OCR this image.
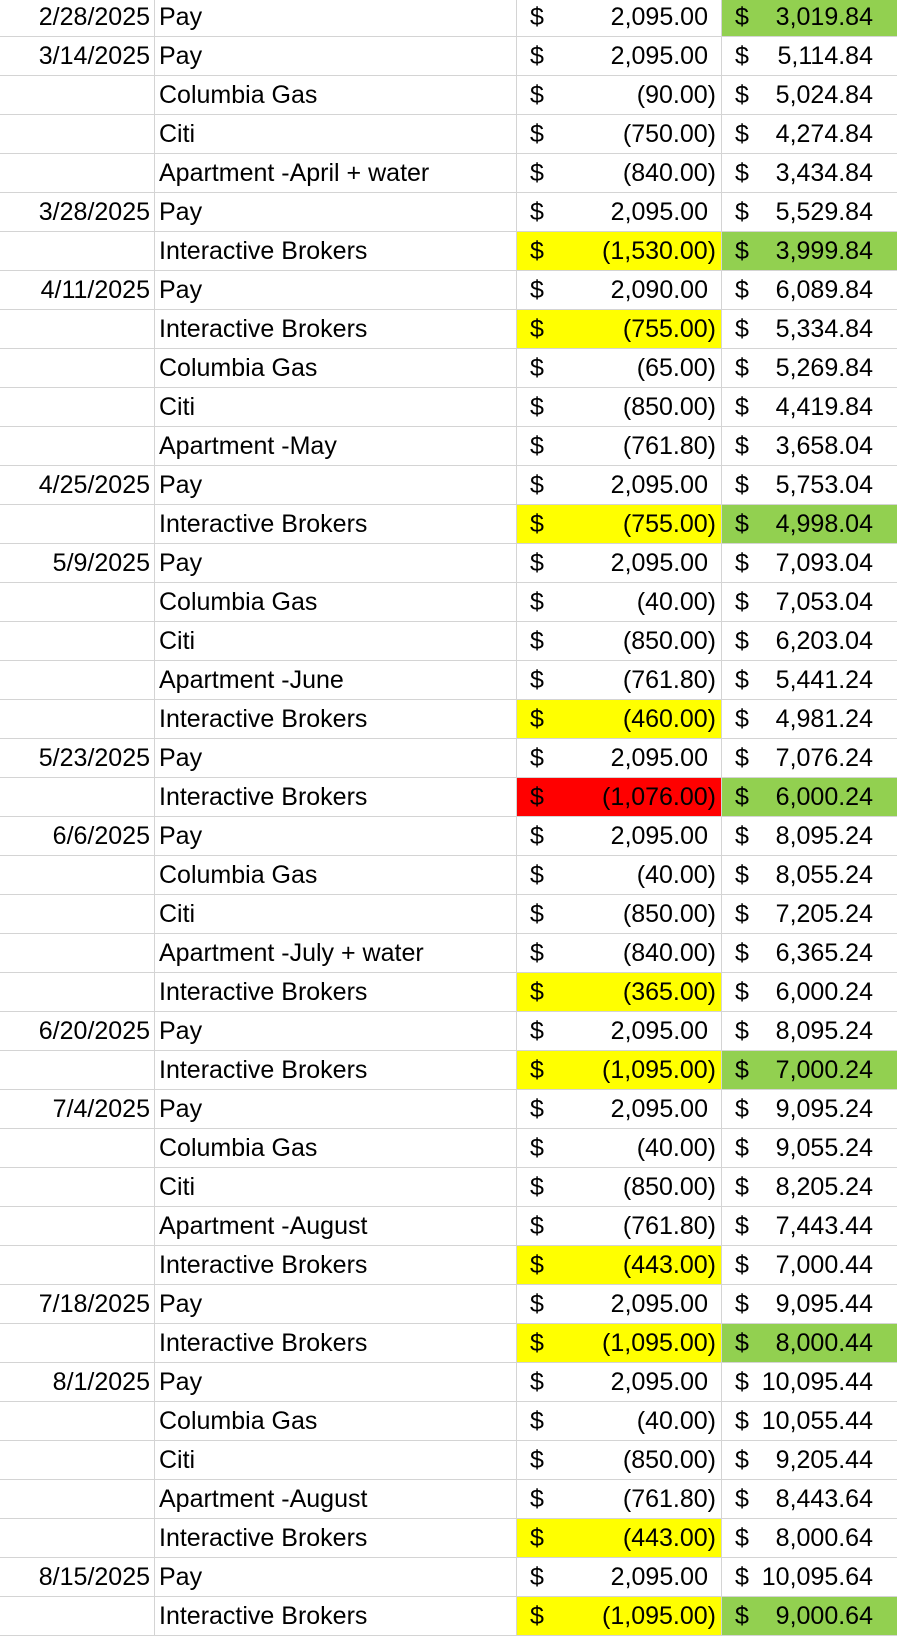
2/28/2025 Pay	$	2,095.00	$ 3,019.84
3/14/2025 Pay	$	2,095.00	$ 5,114.84
Columbia Gas	$	(90.00) $ 5,024.84
Citi	$	(750.00) $ 4,274.84
Apartment -April + water	$	(840.00) $ 3,434.84
3/28/2025 Pay	$	2,095.00	$ 5,529.84
Interactive Brokers	$ (1,530.00) $ 3,999.84
4/11/2025 Pay	$	2,090.00	$ 6,089.84
Interactive Brokers	$	(755.00) $ 5,334.84
Columbia Gas	$	(65.00) $ 5,269.84
Citi	$	(850.00) $ 4,419.84
Apartment -May	$	(761.80) $ 3,658.04
4/25/2025 Pay	$	2,095.00	$ 5,753.04
Interactive Brokers	$	(755.00) $ 4,998.04
5/9/2025 Pay	$	2,095.00	$ 7,093.04
Columbia Gas	$	(40.00) $ 7,053.04
Citi	$	(850.00) $ 6,203.04
Apartment -June	$	(761.80) $ 5,441.24
Interactive Brokers	$	(460.00) $ 4,981.24
5/23/2025 Pay	$	2,095.00	$ 7,076.24
Interactive Brokers	$ (1,076.00) $ 6,000.24
6/6/2025 Pay	$	2,095.00	$ 8,095.24
Columbia Gas	$	(40.00) $ 8,055.24
Citi	$	(850.00) $ 7,205.24
Apartment -July + water	$	(840.00) $ 6,365.24
Interactive Brokers	$	(365.00) $ 6,000.24
6/20/2025 Pay	$	2,095.00	$ 8,095.24
Interactive Brokers	$ (1,095.00) $ 7,000.24
7/4/2025 Pay	$	2,095.00	$ 9,095.24
Columbia Gas	$	(40.00) $ 9,055.24
Citi	$	(850.00) $ 8,205.24
Apartment -August	$	(761.80) $ 7,443.44
Interactive Brokers	$	(443.00) $ 7,000.44
7/18/2025 Pay	$	2,095.00	$ 9,095.44
Interactive Brokers	$ (1,095.00) $ 8,000.44
8/1/2025 Pay	$	2,095.00	$ 10,095.44
Columbia Gas	$	(40.00) $ 10,055.44
Citi	$	(850.00) $ 9,205.44
Apartment -August	$	(761.80) $ 8,443.64
Interactive Brokers	$	(443.00) $ 8,000.64
8/15/2025 Pay	$	2,095.00	$ 10,095.64
Interactive Brokers	$ (1,095.00) $ 9,000.64
